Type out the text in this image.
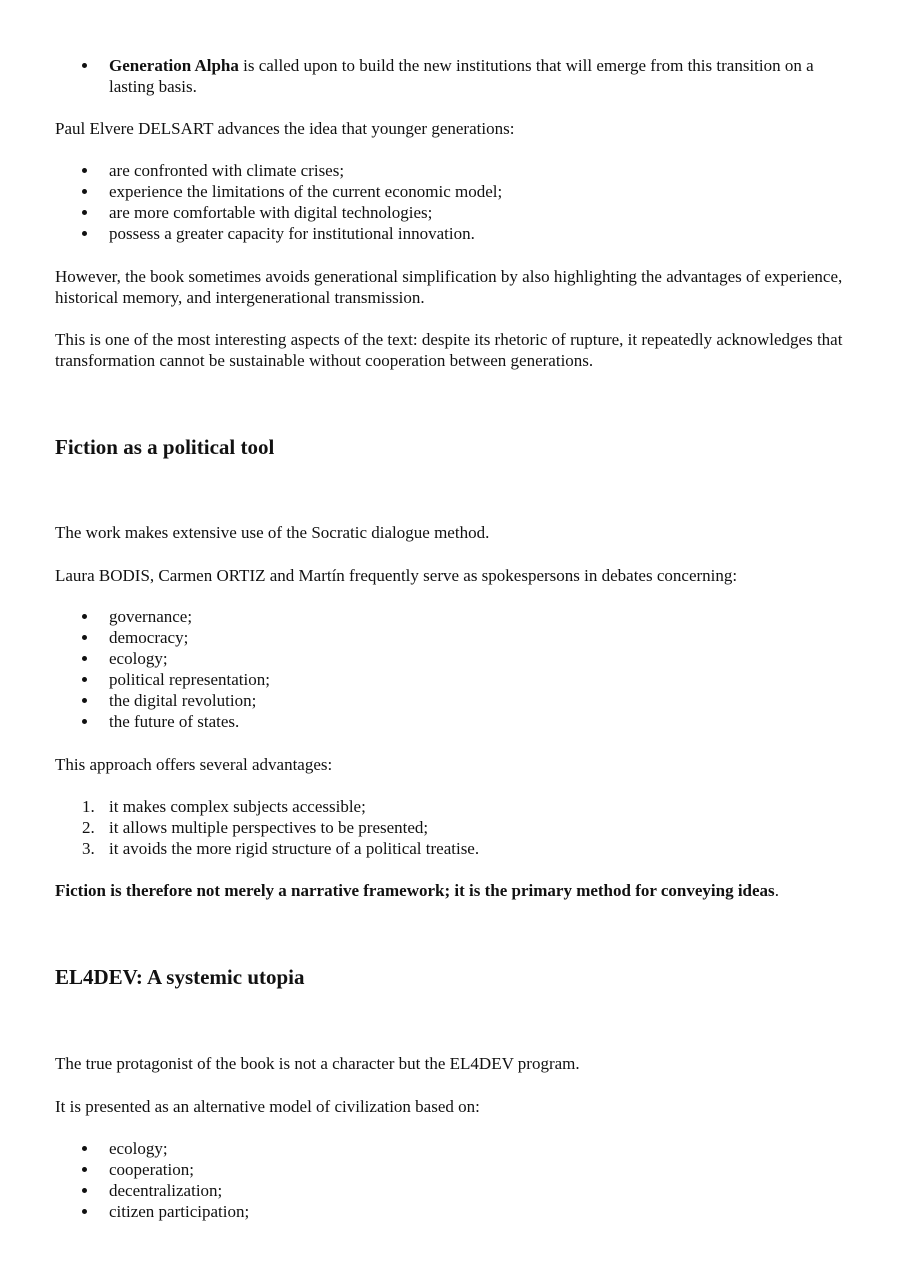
Generation Alpha is called upon to build the new institutions that will emerge from this transition on a lasting basis.

Paul Elvere DELSART advances the idea that younger generations:

are confronted with climate crises;
experience the limitations of the current economic model;
are more comfortable with digital technologies;
possess a greater capacity for institutional innovation.

However, the book sometimes avoids generational simplification by also highlighting the advantages of experience, historical memory, and intergenerational transmission.

This is one of the most interesting aspects of the text: despite its rhetoric of rupture, it repeatedly acknowledges that transformation cannot be sustainable without cooperation between generations.

Fiction as a political tool

The work makes extensive use of the Socratic dialogue method.

Laura BODIS, Carmen ORTIZ and Martín frequently serve as spokespersons in debates concerning:

governance;
democracy;
ecology;
political representation;
the digital revolution;
the future of states.

This approach offers several advantages:

1. it makes complex subjects accessible;
2. it allows multiple perspectives to be presented;
3. it avoids the more rigid structure of a political treatise.

Fiction is therefore not merely a narrative framework; it is the primary method for conveying ideas.

EL4DEV: A systemic utopia

The true protagonist of the book is not a character but the EL4DEV program.

It is presented as an alternative model of civilization based on:

ecology;
cooperation;
decentralization;
citizen participation;
